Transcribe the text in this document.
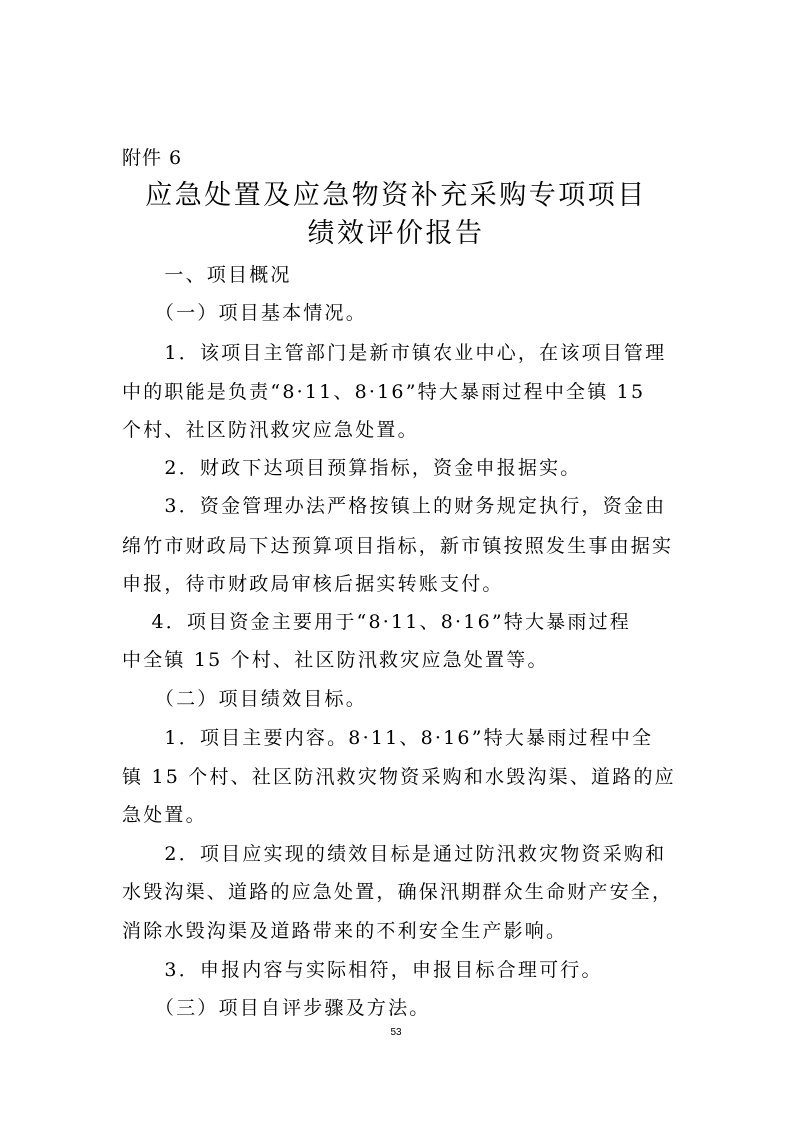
附件 6
应急处置及应急物资补充采购专项项目
绩效评价报告
　　一、项目概况
　　（一）项目基本情况。
　　1．该项目主管部门是新市镇农业中心，在该项目管理
中的职能是负责“8·11、8·16”特大暴雨过程中全镇 15
个村、社区防汛救灾应急处置。
　　2．财政下达项目预算指标，资金申报据实。
　　3．资金管理办法严格按镇上的财务规定执行，资金由
绵竹市财政局下达预算项目指标，新市镇按照发生事由据实
申报，待市财政局审核后据实转账支付。
　 4．项目资金主要用于“8·11、8·16”特大暴雨过程
中全镇 15 个村、社区防汛救灾应急处置等。
　　（二）项目绩效目标。
　　1．项目主要内容。8·11、8·16”特大暴雨过程中全
镇 15 个村、社区防汛救灾物资采购和水毁沟渠、道路的应
急处置。
　　2．项目应实现的绩效目标是通过防汛救灾物资采购和
水毁沟渠、道路的应急处置，确保汛期群众生命财产安全，
消除水毁沟渠及道路带来的不利安全生产影响。
　　3．申报内容与实际相符，申报目标合理可行。
　　（三）项目自评步骤及方法。
53
